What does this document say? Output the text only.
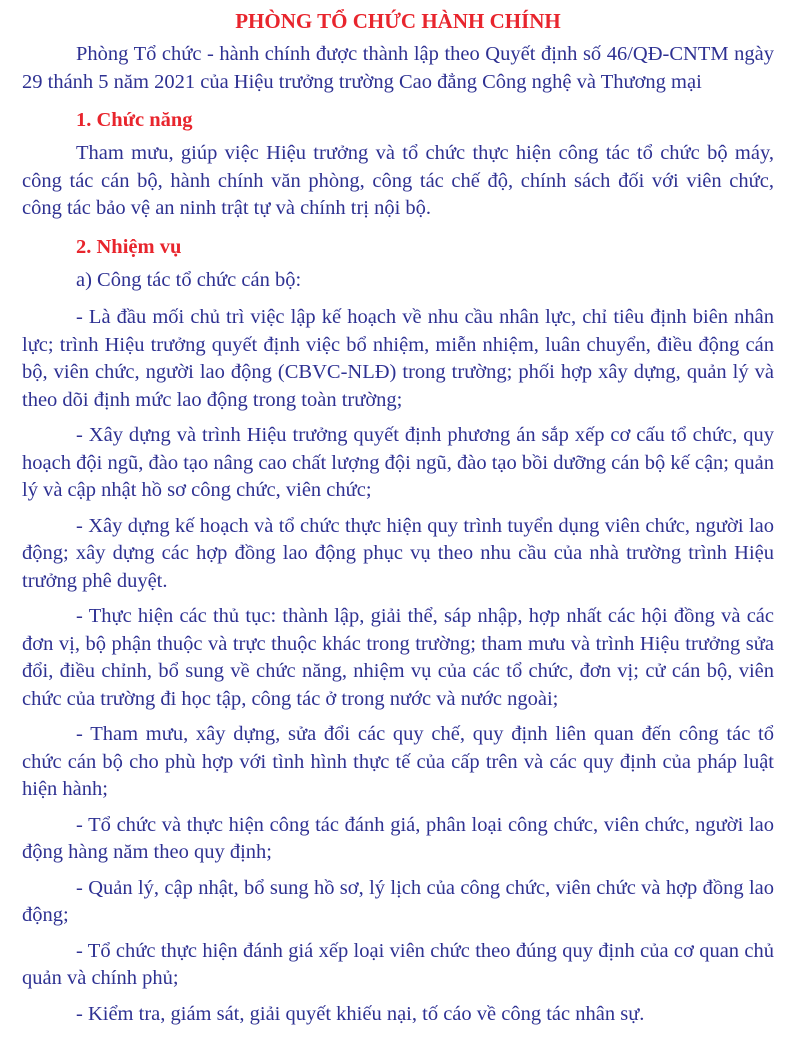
PHÒNG TỔ CHỨC HÀNH CHÍNH

Phòng Tổ chức - hành chính được thành lập theo Quyết định số 46/QĐ-CNTM ngày 29 thánh 5 năm 2021 của Hiệu trưởng trường Cao đẳng Công nghệ và Thương mại

1. Chức năng

Tham mưu, giúp việc Hiệu trưởng và tổ chức thực hiện công tác tổ chức bộ máy, công tác cán bộ, hành chính văn phòng, công tác chế độ, chính sách đối với viên chức, công tác bảo vệ an ninh trật tự và chính trị nội bộ.

2. Nhiệm vụ

a) Công tác tổ chức cán bộ:

- Là đầu mối chủ trì việc lập kế hoạch về nhu cầu nhân lực, chỉ tiêu định biên nhân lực; trình Hiệu trưởng quyết định việc bổ nhiệm, miễn nhiệm, luân chuyển, điều động cán bộ, viên chức, người lao động (CBVC-NLĐ) trong trường; phối hợp xây dựng, quản lý và theo dõi định mức lao động trong toàn trường;

- Xây dựng và trình Hiệu trưởng quyết định phương án sắp xếp cơ cấu tổ chức, quy hoạch đội ngũ, đào tạo nâng cao chất lượng đội ngũ, đào tạo bồi dưỡng cán bộ kế cận; quản lý và cập nhật hồ sơ công chức, viên chức;

- Xây dựng kế hoạch và tổ chức thực hiện quy trình tuyển dụng viên chức, người lao động; xây dựng các hợp đồng lao động phục vụ theo nhu cầu của nhà trường trình Hiệu trưởng phê duyệt.

- Thực hiện các thủ tục: thành lập, giải thể, sáp nhập, hợp nhất các hội đồng và các đơn vị, bộ phận thuộc và trực thuộc khác trong trường; tham mưu và trình Hiệu trưởng sửa đổi, điều chỉnh, bổ sung về chức năng, nhiệm vụ của các tổ chức, đơn vị; cử cán bộ, viên chức của trường đi học tập, công tác ở trong nước và nước ngoài;

- Tham mưu, xây dựng, sửa đổi các quy chế, quy định liên quan đến công tác tổ chức cán bộ cho phù hợp với tình hình thực tế của cấp trên và các quy định của pháp luật hiện hành;

- Tổ chức và thực hiện công tác đánh giá, phân loại công chức, viên chức, người lao động hàng năm theo quy định;

- Quản lý, cập nhật, bổ sung hồ sơ, lý lịch của công chức, viên chức và hợp đồng lao động;

- Tổ chức thực hiện đánh giá xếp loại viên chức theo đúng quy định của cơ quan chủ quản và chính phủ;

- Kiểm tra, giám sát, giải quyết khiếu nại, tố cáo về công tác nhân sự.
